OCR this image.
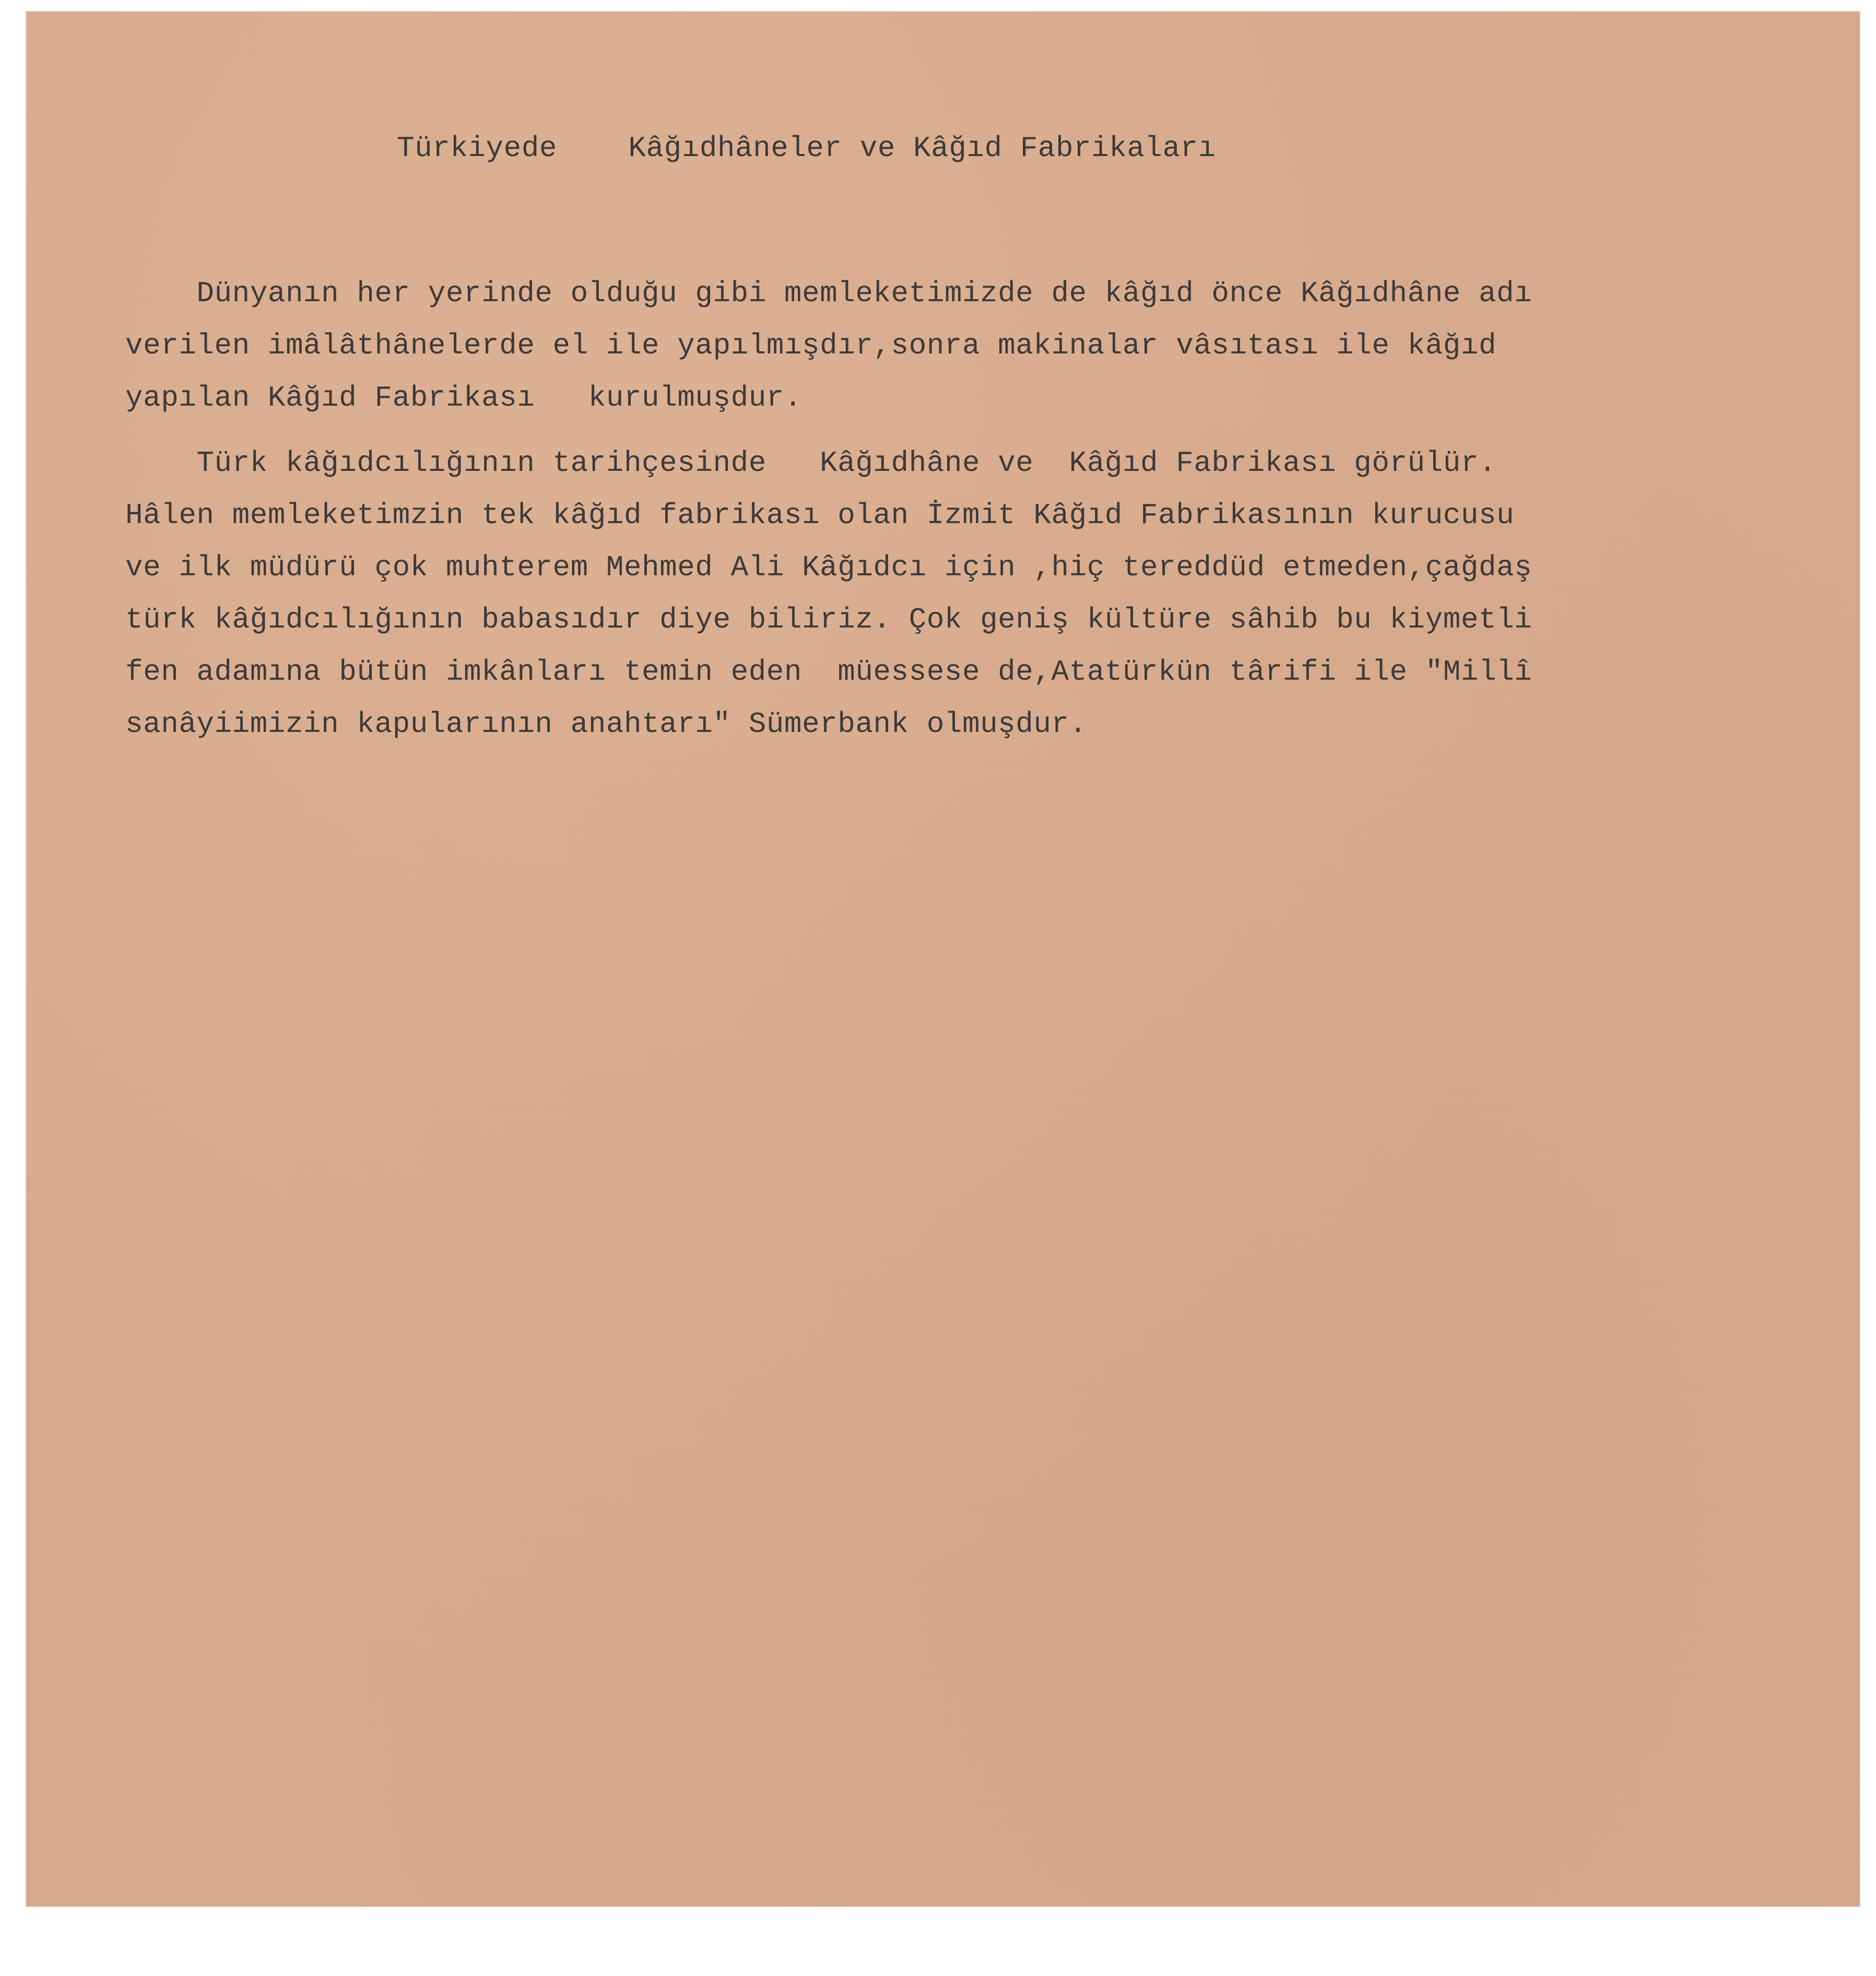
Türkiyede    Kâğıdhâneler ve Kâğıd Fabrikaları
Dünyanın her yerinde olduğu gibi memleketimizde de kâğıd önce Kâğıdhâne adı
verilen imâlâthânelerde el ile yapılmışdır,sonra makinalar vâsıtası ile kâğıd
yapılan Kâğıd Fabrikası   kurulmuşdur.
Türk kâğıdcılığının tarihçesinde   Kâğıdhâne ve  Kâğıd Fabrikası görülür.
Hâlen memleketimzin tek kâğıd fabrikası olan İzmit Kâğıd Fabrikasının kurucusu
ve ilk müdürü çok muhterem Mehmed Ali Kâğıdcı için ,hiç tereddüd etmeden,çağdaş
türk kâğıdcılığının babasıdır diye biliriz. Çok geniş kültüre sâhib bu kiymetli
fen adamına bütün imkânları temin eden  müessese de,Atatürkün târifi ile "Millî
sanâyiimizin kapularının anahtarı" Sümerbank olmuşdur.
